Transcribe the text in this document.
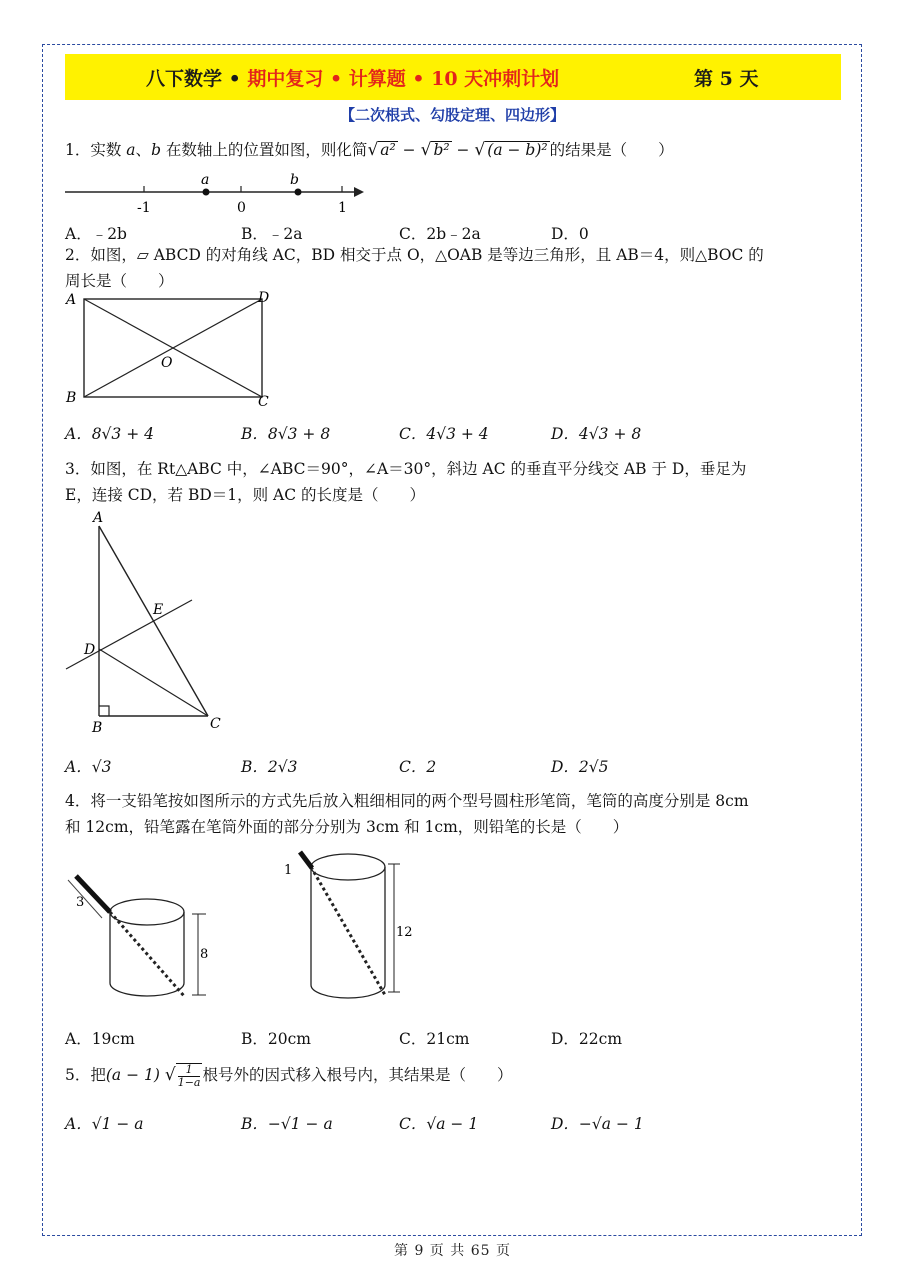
八下数学 • 期中复习 • 计算题 • 10 天冲刺计划	第 5 天
【二次根式、勾股定理、四边形】
1．实数 a、b 在数轴上的位置如图，则化简√ a² − √ b² − √ (a − b)² 的结果是（　　）
-1	0	1
a	b
A．﹣2b	B．﹣2a	C．2b﹣2a	D．0
2．如图，▱ ABCD 的对角线 AC，BD 相交于点 O，△OAB 是等边三角形，且 AB＝4，则△BOC 的
周长是（　　）
A	D
O
B	C
A．8√3 + 4	B．8√3 + 8	C．4√3 + 4	D．4√3 + 8
3．如图，在 Rt△ABC 中，∠ABC＝90°，∠A＝30°，斜边 AC 的垂直平分线交 AB 于 D，垂足为
E，连接 CD，若 BD＝1，则 AC 的长度是（　　）
A
E
D
B	C
A．√3	B．2√3	C．2	D．2√5
4．将一支铅笔按如图所示的方式先后放入粗细相同的两个型号圆柱形笔筒，笔筒的高度分别是 8cm
和 12cm，铅笔露在笔筒外面的部分分别为 3cm 和 1cm，则铅笔的长是（　　）
3
8
1
12
A．19cm	B．20cm	C．21cm	D．22cm
5．把(a − 1) √ $\frac{1}{1-a}$ 根号外的因式移入根号内，其结果是（　　）
A．√1 − a	B．−√1 − a	C．√a − 1	D．−√a − 1
第 9 页 共 65 页
